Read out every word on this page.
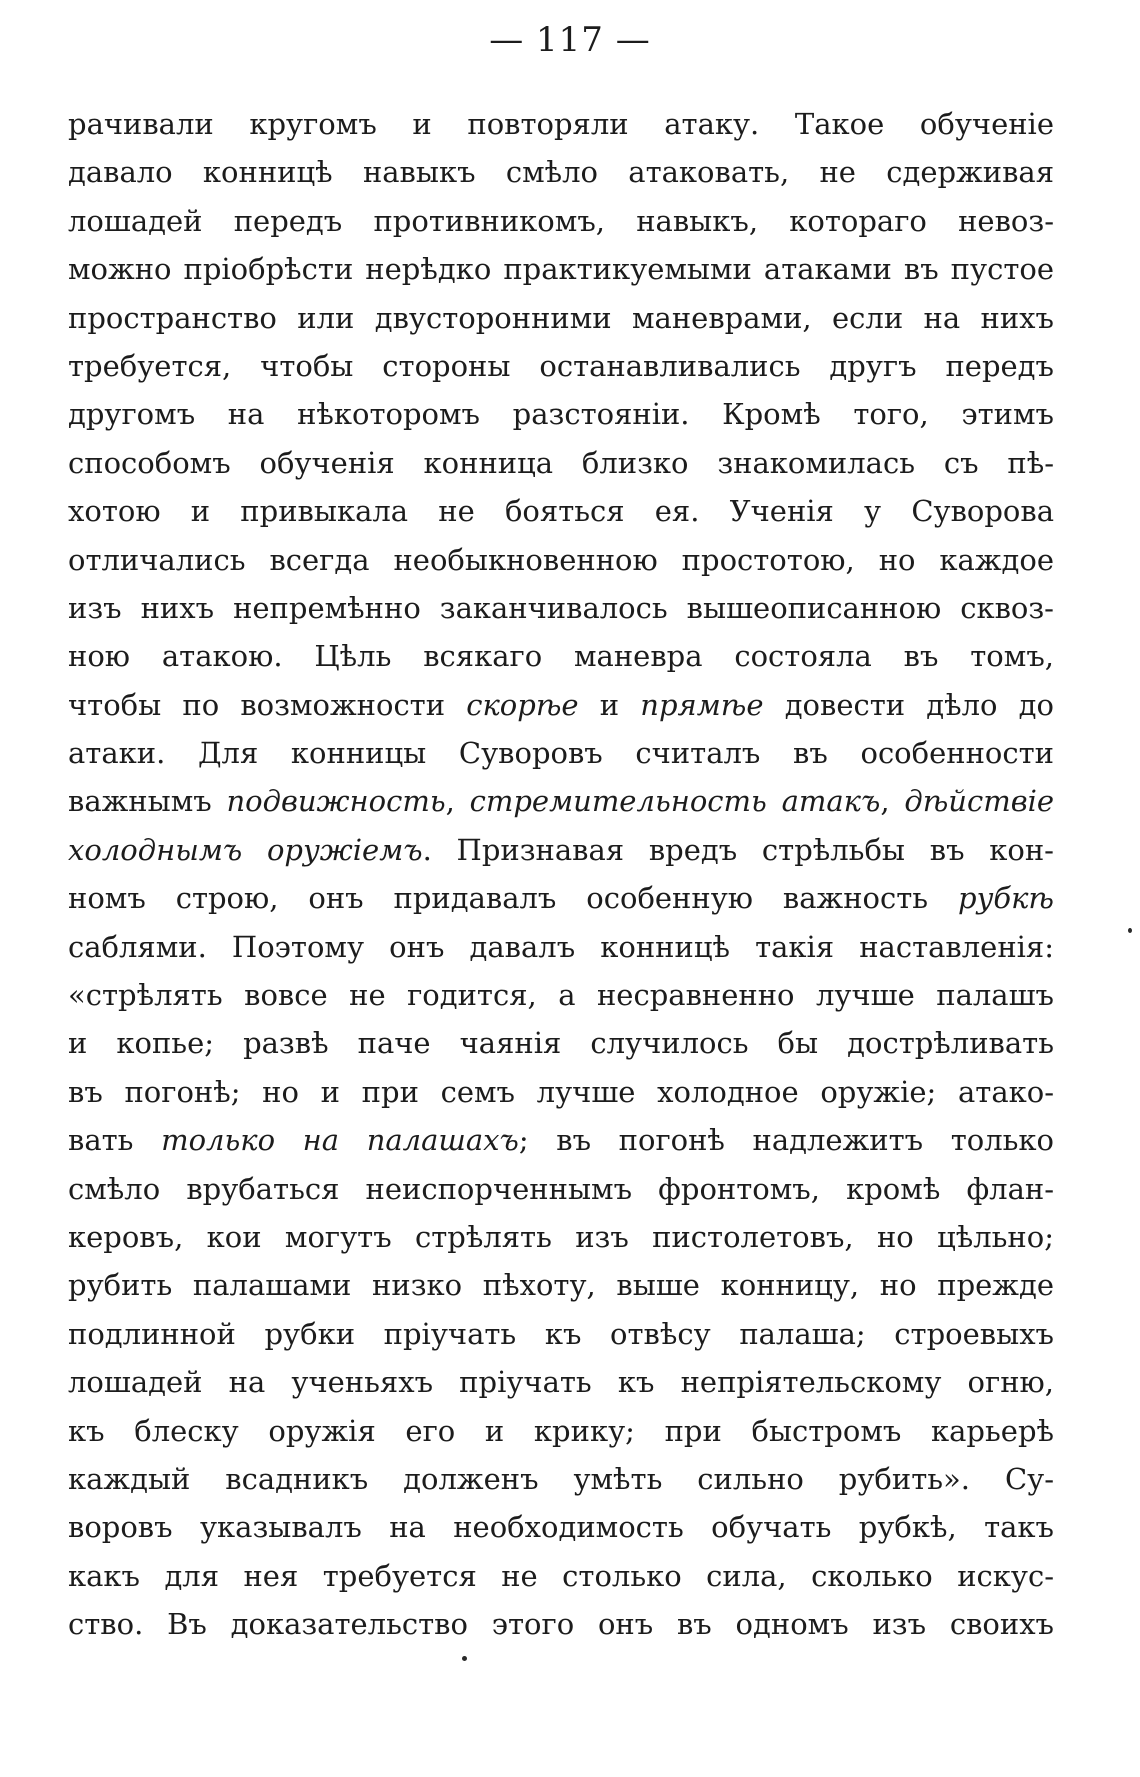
— 117 —
рачивали кругомъ и повторяли атаку. Такое обученіе
давало конницѣ навыкъ смѣло атаковать, не сдерживая
лошадей передъ противникомъ, навыкъ, котораго невоз-
можно пріобрѣсти нерѣдко практикуемыми атаками въ пустое
пространство или двусторонними маневрами, если на нихъ
требуется, чтобы стороны останавливались другъ передъ
другомъ на нѣкоторомъ разстояніи. Кромѣ того, этимъ
способомъ обученія конница близко знакомилась съ пѣ-
хотою и привыкала не бояться ея. Ученія у Суворова
отличались всегда необыкновенною простотою, но каждое
изъ нихъ непремѣнно заканчивалось вышеописанною сквоз-
ною атакою. Цѣль всякаго маневра состояла въ томъ,
чтобы по возможности скорѣе и прямѣе довести дѣло до
атаки. Для конницы Суворовъ считалъ въ особенности
важнымъ подвижность, стремительность атакъ, дѣйствіе
холоднымъ оружіемъ. Признавая вредъ стрѣльбы въ кон-
номъ строю, онъ придавалъ особенную важность рубкѣ
саблями. Поэтому онъ давалъ конницѣ такія наставленія:
«стрѣлять вовсе не годится, а несравненно лучше палашъ
и копье; развѣ паче чаянія случилось бы дострѣливать
въ погонѣ; но и при семъ лучше холодное оружіе; атако-
вать только на палашахъ; въ погонѣ надлежитъ только
смѣло врубаться неиспорченнымъ фронтомъ, кромѣ флан-
керовъ, кои могутъ стрѣлять изъ пистолетовъ, но цѣльно;
рубить палашами низко пѣхоту, выше конницу, но прежде
подлинной рубки пріучать къ отвѣсу палаша; строевыхъ
лошадей на ученьяхъ пріучать къ непріятельскому огню,
къ блеску оружія его и крику; при быстромъ карьерѣ
каждый всадникъ долженъ умѣть сильно рубить». Су-
воровъ указывалъ на необходимость обучать рубкѣ, такъ
какъ для нея требуется не столько сила, сколько искус-
ство. Въ доказательство этого онъ въ одномъ изъ своихъ
